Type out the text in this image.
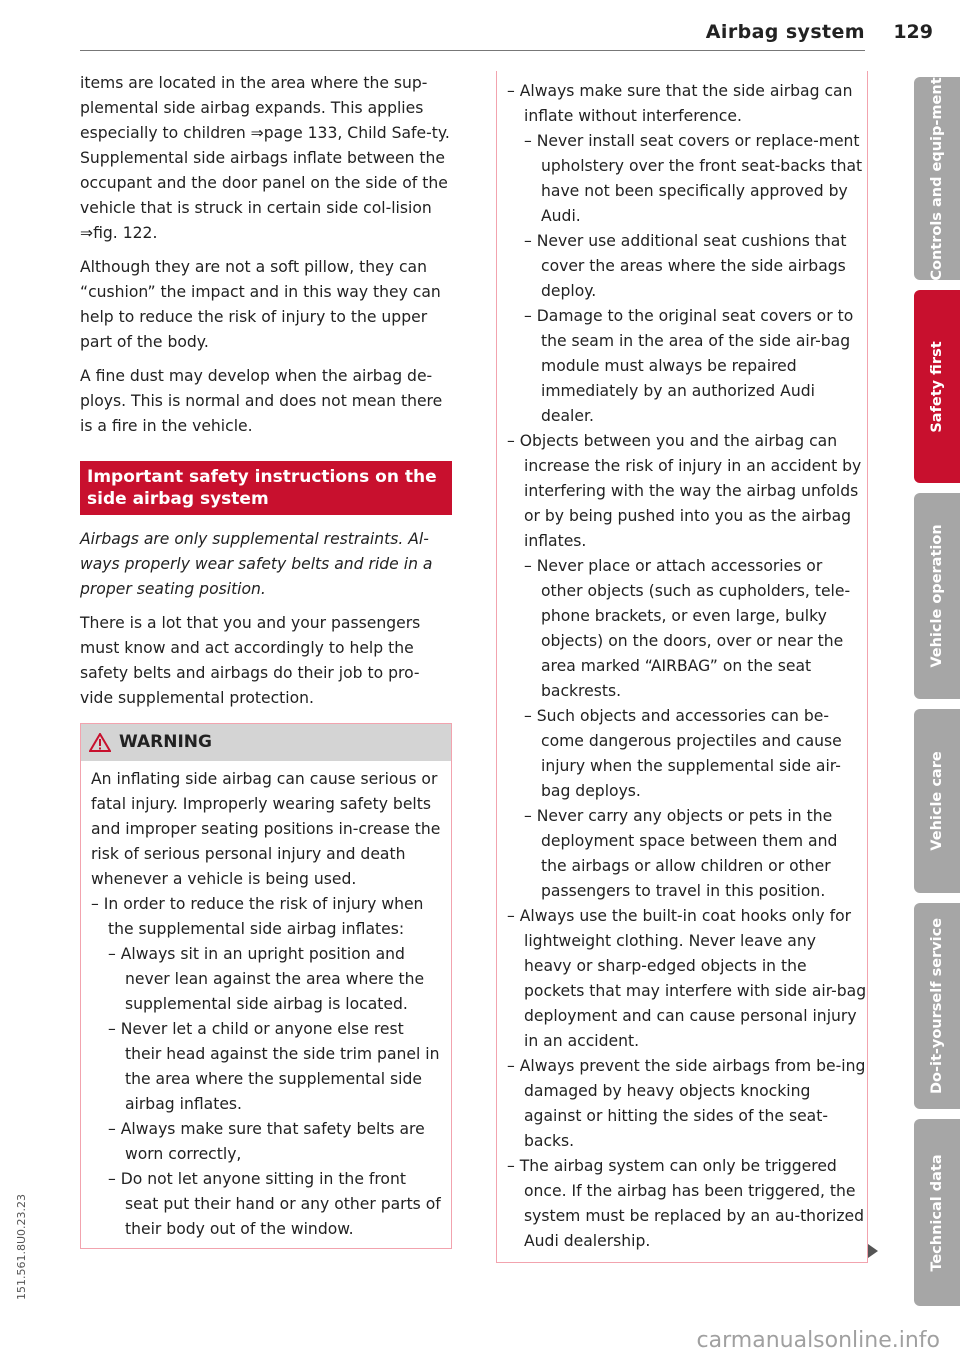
Airbag system 129

items are located in the area where the sup-plemental side airbag expands. This applies especially to children ⇒page 133, Child Safe-ty. Supplemental side airbags inflate between the occupant and the door panel on the side of the vehicle that is struck in certain side col-lision ⇒fig. 122.

Although they are not a soft pillow, they can “cushion” the impact and in this way they can help to reduce the risk of injury to the upper part of the body.

A fine dust may develop when the airbag de-ploys. This is normal and does not mean there is a fire in the vehicle.

Important safety instructions on the side airbag system

Airbags are only supplemental restraints. Al-ways properly wear safety belts and ride in a proper seating position.

There is a lot that you and your passengers must know and act accordingly to help the safety belts and airbags do their job to pro-vide supplemental protection.

WARNING

An inflating side airbag can cause serious or fatal injury. Improperly wearing safety belts and improper seating positions in-crease the risk of serious personal injury and death whenever a vehicle is being used.

– In order to reduce the risk of injury when the supplemental side airbag inflates:
– Always sit in an upright position and never lean against the area where the supplemental side airbag is located.
– Never let a child or anyone else rest their head against the side trim panel in the area where the supplemental side airbag inflates.
– Always make sure that safety belts are worn correctly,
– Do not let anyone sitting in the front seat put their hand or any other parts of their body out of the window.
– Always make sure that the side airbag can inflate without interference.
– Never install seat covers or replace-ment upholstery over the front seat-backs that have not been specifically approved by Audi.
– Never use additional seat cushions that cover the areas where the side airbags deploy.
– Damage to the original seat covers or to the seam in the area of the side air-bag module must always be repaired immediately by an authorized Audi dealer.
– Objects between you and the airbag can increase the risk of injury in an accident by interfering with the way the airbag unfolds or by being pushed into you as the airbag inflates.
– Never place or attach accessories or other objects (such as cupholders, tele-phone brackets, or even large, bulky objects) on the doors, over or near the area marked “AIRBAG” on the seat backrests.
– Such objects and accessories can be-come dangerous projectiles and cause injury when the supplemental side air-bag deploys.
– Never carry any objects or pets in the deployment space between them and the airbags or allow children or other passengers to travel in this position.
– Always use the built-in coat hooks only for lightweight clothing. Never leave any heavy or sharp-edged objects in the pockets that may interfere with side air-bag deployment and can cause personal injury in an accident.
– Always prevent the side airbags from be-ing damaged by heavy objects knocking against or hitting the sides of the seat-backs.
– The airbag system can only be triggered once. If the airbag has been triggered, the system must be replaced by an au-thorized Audi dealership.
Controls and equip-ment
Safety first
Vehicle operation
Vehicle care
Do-it-yourself service
Technical data
151.561.8U0.23.23
carmanualsonline.info
